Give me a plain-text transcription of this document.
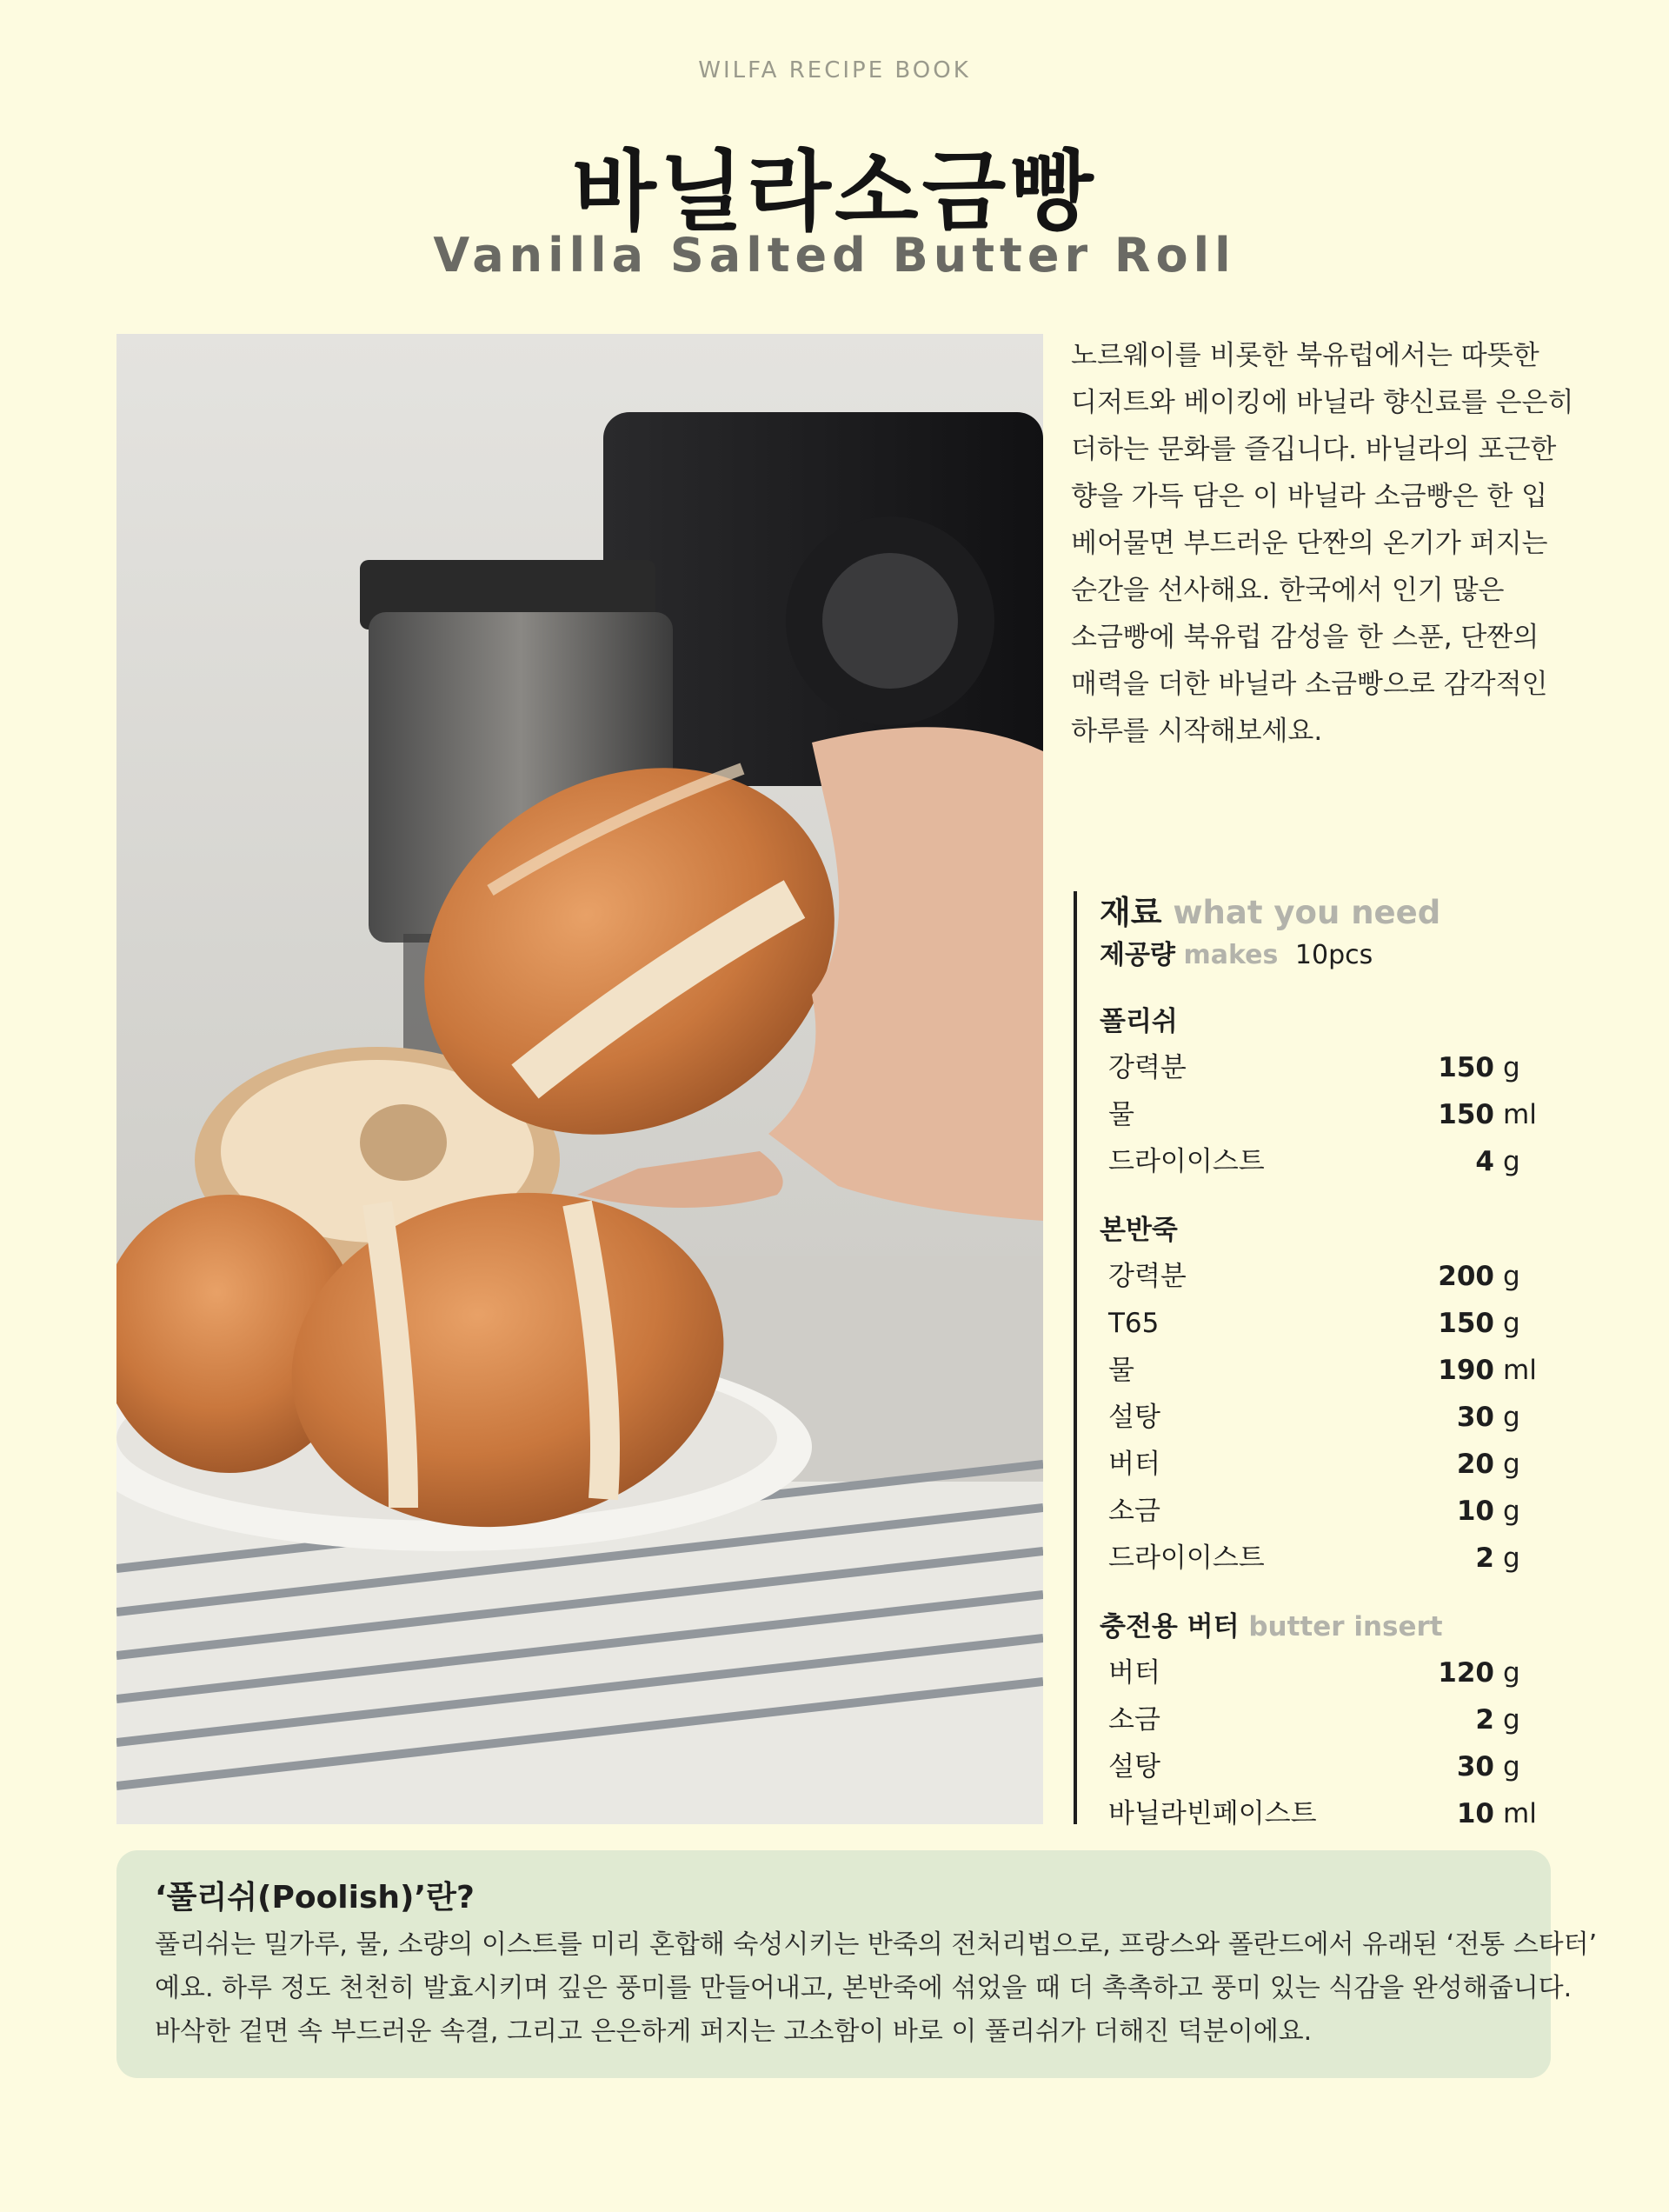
WILFA RECIPE BOOK
바닐라소금빵
Vanilla Salted Butter Roll
노르웨이를 비롯한 북유럽에서는 따뜻한
디저트와 베이킹에 바닐라 향신료를 은은히
더하는 문화를 즐깁니다. 바닐라의 포근한
향을 가득 담은 이 바닐라 소금빵은 한 입
베어물면 부드러운 단짠의 온기가 퍼지는
순간을 선사해요. 한국에서 인기 많은
소금빵에 북유럽 감성을 한 스푼, 단짠의
매력을 더한 바닐라 소금빵으로 감각적인
하루를 시작해보세요.
재료 what you need
제공량 makes 10pcs
폴리쉬
강력분	150 g
물	150 ml
드라이이스트	4 g
본반죽
강력분	200 g
T65	150 g
물	190 ml
설탕	30 g
버터	20 g
소금	10 g
드라이이스트	2 g
충전용 버터 butter insert
버터	120 g
소금	2 g
설탕	30 g
바닐라빈페이스트	10 ml
‘풀리쉬(Poolish)’란?
풀리쉬는 밀가루, 물, 소량의 이스트를 미리 혼합해 숙성시키는 반죽의 전처리법으로, 프랑스와 폴란드에서 유래된 ‘전통 스타터’
예요. 하루 정도 천천히 발효시키며 깊은 풍미를 만들어내고, 본반죽에 섞었을 때 더 촉촉하고 풍미 있는 식감을 완성해줍니다.
바삭한 겉면 속 부드러운 속결, 그리고 은은하게 퍼지는 고소함이 바로 이 풀리쉬가 더해진 덕분이에요.
